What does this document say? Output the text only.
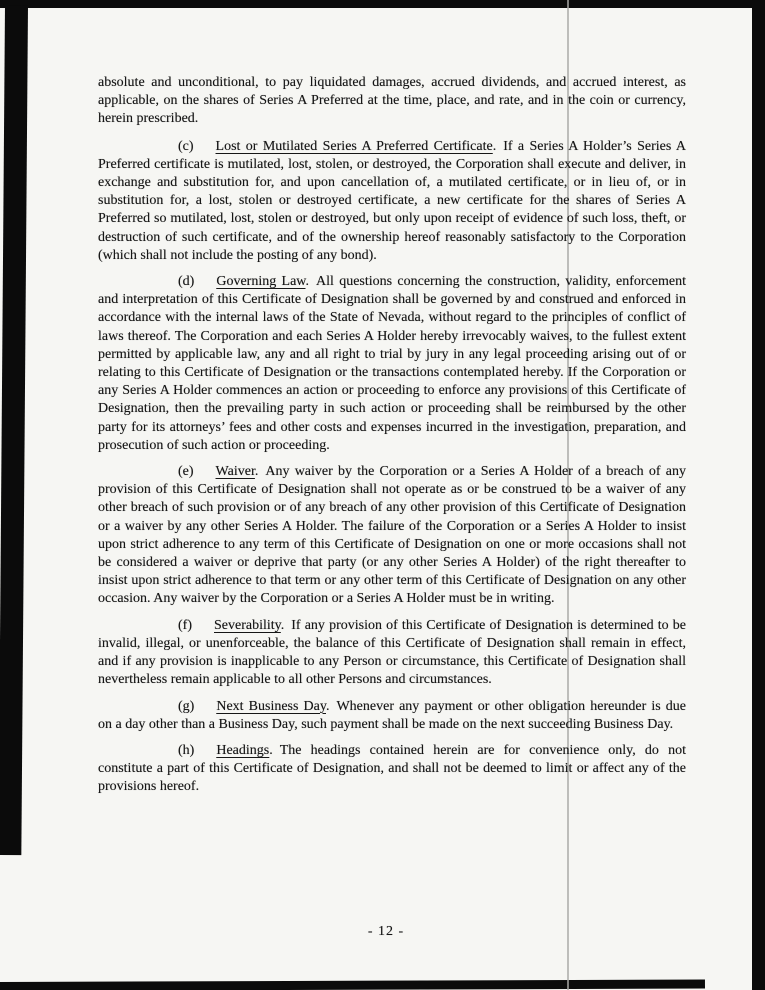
absolute and unconditional, to pay liquidated damages, accrued dividends, and accrued interest, as applicable, on the shares of Series A Preferred at the time, place, and rate, and in the coin or currency, herein prescribed.

(c) Lost or Mutilated Series A Preferred Certificate. If a Series A Holder’s Series A Preferred certificate is mutilated, lost, stolen, or destroyed, the Corporation shall execute and deliver, in exchange and substitution for, and upon cancellation of, a mutilated certificate, or in lieu of, or in substitution for, a lost, stolen or destroyed certificate, a new certificate for the shares of Series A Preferred so mutilated, lost, stolen or destroyed, but only upon receipt of evidence of such loss, theft, or destruction of such certificate, and of the ownership hereof reasonably satisfactory to the Corporation (which shall not include the posting of any bond).

(d) Governing Law. All questions concerning the construction, validity, enforcement and interpretation of this Certificate of Designation shall be governed by and construed and enforced in accordance with the internal laws of the State of Nevada, without regard to the principles of conflict of laws thereof. The Corporation and each Series A Holder hereby irrevocably waives, to the fullest extent permitted by applicable law, any and all right to trial by jury in any legal proceeding arising out of or relating to this Certificate of Designation or the transactions contemplated hereby. If the Corporation or any Series A Holder commences an action or proceeding to enforce any provisions of this Certificate of Designation, then the prevailing party in such action or proceeding shall be reimbursed by the other party for its attorneys’ fees and other costs and expenses incurred in the investigation, preparation, and prosecution of such action or proceeding.

(e) Waiver. Any waiver by the Corporation or a Series A Holder of a breach of any provision of this Certificate of Designation shall not operate as or be construed to be a waiver of any other breach of such provision or of any breach of any other provision of this Certificate of Designation or a waiver by any other Series A Holder. The failure of the Corporation or a Series A Holder to insist upon strict adherence to any term of this Certificate of Designation on one or more occasions shall not be considered a waiver or deprive that party (or any other Series A Holder) of the right thereafter to insist upon strict adherence to that term or any other term of this Certificate of Designation on any other occasion. Any waiver by the Corporation or a Series A Holder must be in writing.

(f) Severability. If any provision of this Certificate of Designation is determined to be invalid, illegal, or unenforceable, the balance of this Certificate of Designation shall remain in effect, and if any provision is inapplicable to any Person or circumstance, this Certificate of Designation shall nevertheless remain applicable to all other Persons and circumstances.

(g) Next Business Day. Whenever any payment or other obligation hereunder is due on a day other than a Business Day, such payment shall be made on the next succeeding Business Day.

(h) Headings. The headings contained herein are for convenience only, do not constitute a part of this Certificate of Designation, and shall not be deemed to limit or affect any of the provisions hereof.

- 12 -
